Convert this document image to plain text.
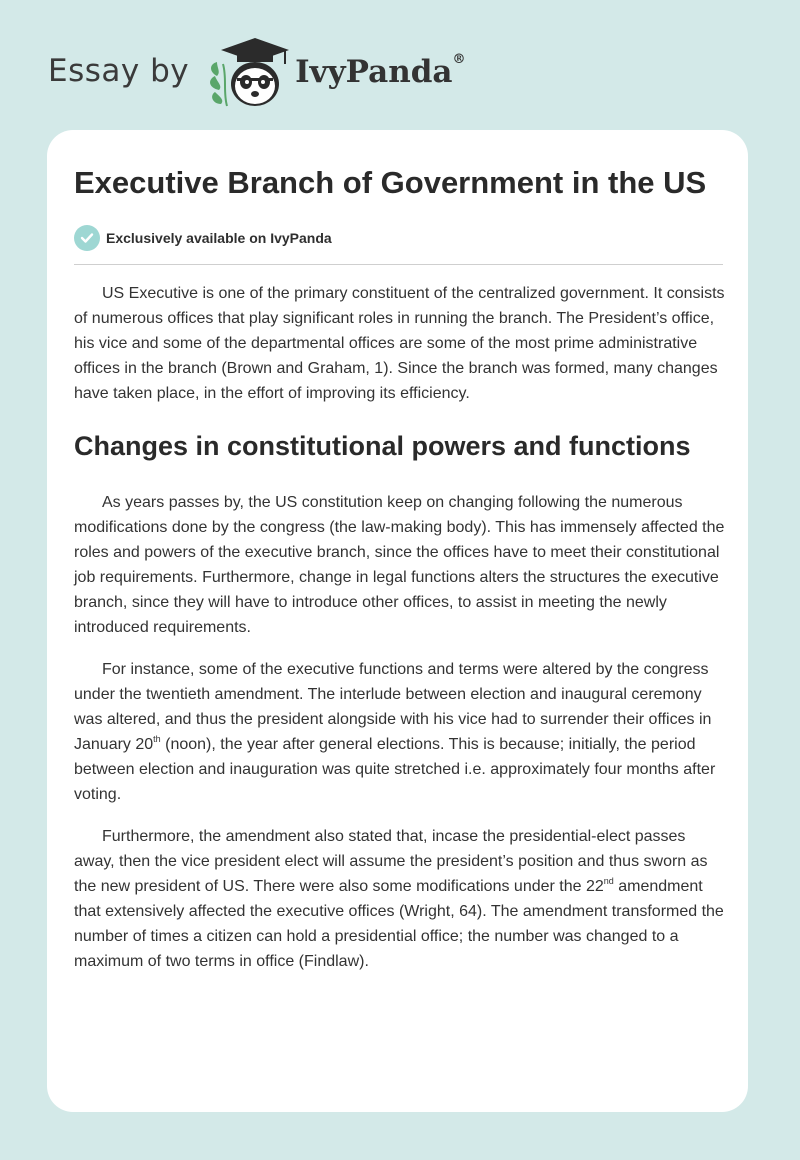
Essay by	IvyPanda®
Executive Branch of Government in the US
Exclusively available on IvyPanda

US Executive is one of the primary constituent of the centralized government. It consists of numerous offices that play significant roles in running the branch. The President’s office, his vice and some of the departmental offices are some of the most prime administrative offices in the branch (Brown and Graham, 1). Since the branch was formed, many changes have taken place, in the effort of improving its efficiency.

Changes in constitutional powers and functions

As years passes by, the US constitution keep on changing following the numerous modifications done by the congress (the law-making body). This has immensely affected the roles and powers of the executive branch, since the offices have to meet their constitutional job requirements. Furthermore, change in legal functions alters the structures the executive branch, since they will have to introduce other offices, to assist in meeting the newly introduced requirements.

For instance, some of the executive functions and terms were altered by the congress under the twentieth amendment. The interlude between election and inaugural ceremony was altered, and thus the president alongside with his vice had to surrender their offices in January 20th (noon), the year after general elections. This is because; initially, the period between election and inauguration was quite stretched i.e. approximately four months after voting.

Furthermore, the amendment also stated that, incase the presidential-elect passes away, then the vice president elect will assume the president’s position and thus sworn as the new president of US. There were also some modifications under the 22nd amendment that extensively affected the executive offices (Wright, 64). The amendment transformed the number of times a citizen can hold a presidential office; the number was changed to a maximum of two terms in office (Findlaw).
